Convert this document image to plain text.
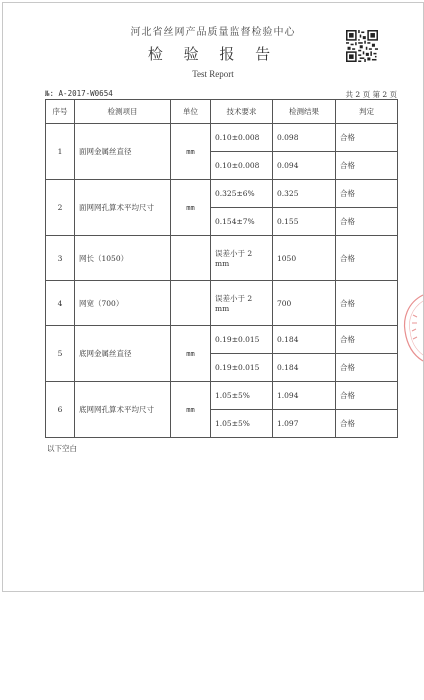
河北省丝网产品质量监督检验中心
检 验 报 告
Test Report
№: A-2017-W0654	共 2 页 第 2 页
序号	检测项目	单位	技术要求	检测结果	判定
1	面网金属丝直径	mm	0.10±0.008	0.098	合格
			0.10±0.008	0.094	合格
2	面网网孔算术平均尺寸	mm	0.325±6%	0.325	合格
			0.154±7%	0.155	合格
3	网长（1050）		误差小于 2 mm	1050	合格
4	网宽（700）		误差小于 2 mm	700	合格
5	底网金属丝直径	mm	0.19±0.015	0.184	合格
			0.19±0.015	0.184	合格
6	底网网孔算术平均尺寸	mm	1.05±5%	1.094	合格
			1.05±5%	1.097	合格
以下空白
